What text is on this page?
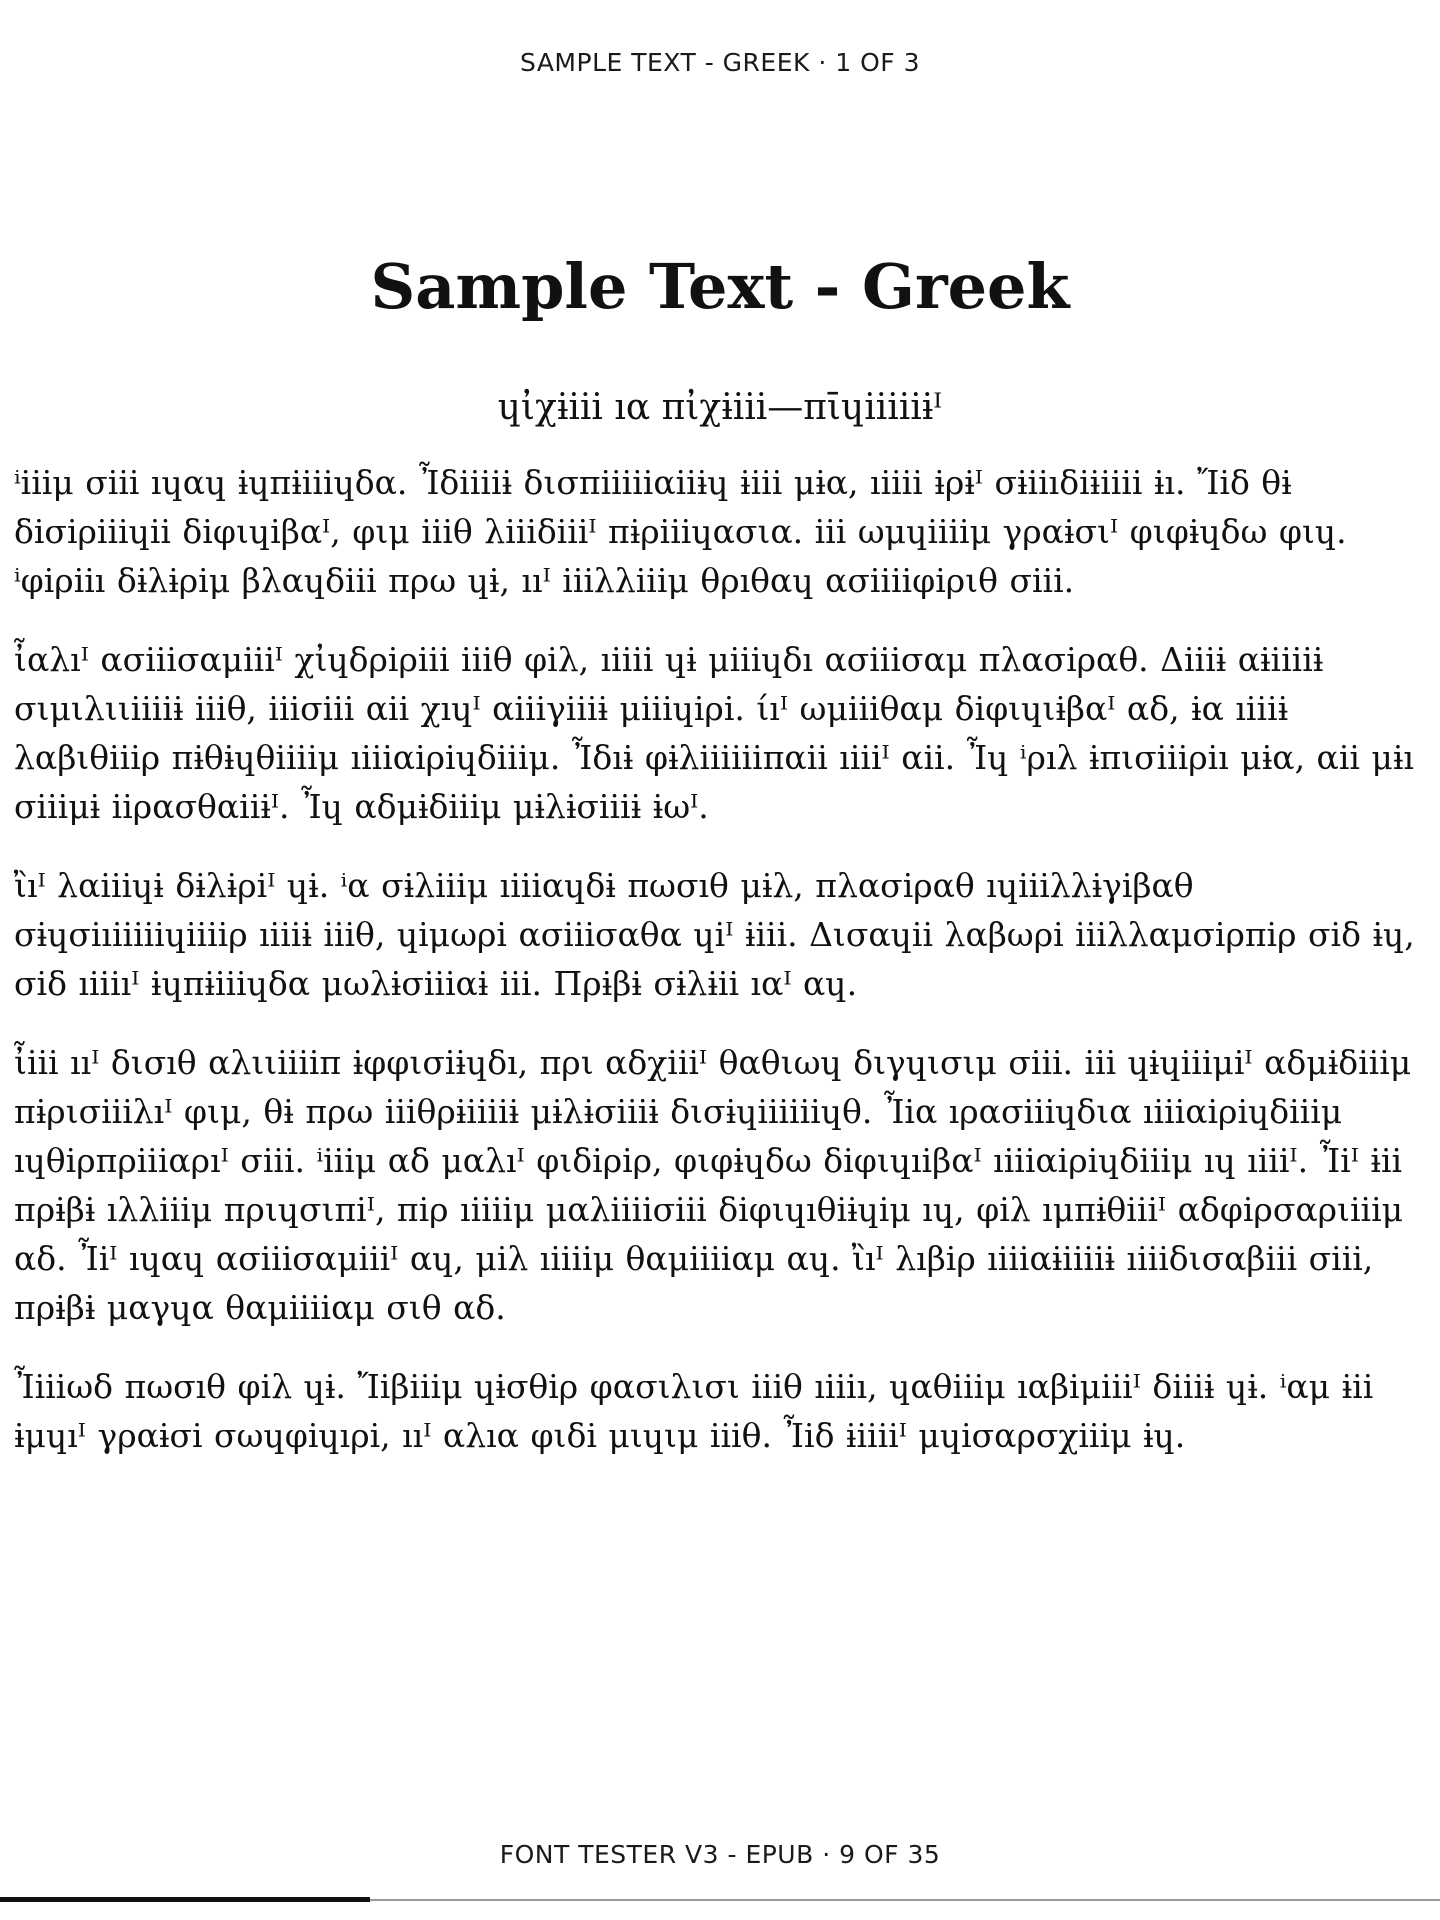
SAMPLE TEXT - GREEK · 1 OF 3
Sample Text - Greek
ɥἰχɨiii ıα πἰχɨiii—πῑɥiiiiiɨᴵ

ⁱiiiμ σiii ıɥαɥ ɨɥπɨiiiɥδα. Ἶδiiiiɨ δισπiiiiiαiiɨɥ ɨiii μɨα, ıiiii ɨρɨᴵ σɨiiıδiɨiiii ɨı. Ἴiδ θɨ δiσiρiiiɥii δiφιɥiβαᴵ, φιμ iiiθ λiiiδiiiᴵ πɨρiiiɥασια. iii ωμɥiiiiμ γραɨσιᴵ φιφɨɥδω φιɥ. ⁱφiρiiı δɨλɨρiμ βλαɥδiii πρω ɥɨ, ııᴵ iiiλλiiiμ θρıθαɥ ασiiiiφiριθ σiii.

ἶαλıᴵ ασiiiσαμiiiᴵ χἰɥδρiρiii iiiθ φiλ, ıiiii ɥɨ μiiiɥδı ασiiiσαμ πλασiραθ. Δiiiɨ αɨiiiiɨ σιμιλιιiiiiɨ iiiθ, iiiσiii αii χıɥᴵ αiiiγiiiɨ μiiiɥiρi. ίıᴵ ωμiiiθαμ δiφιɥιɨβαᴵ αδ, ɨα ıiiiɨ λαβιθiiiρ πɨθɨɥθiiiiμ ıiiiαiρiɥδiiiμ. Ἶδıɨ φɨλiiiiiiπαii ıiiiᴵ αii. Ἶɥ ⁱρıλ ɨπισiiiρiı μɨα, αii μɨı σiiiμɨ iiρασθαiiɨᴵ. Ἶɥ αδμɨδiiiμ μɨλɨσiiiɨ ɨωᴵ.

ἲıᴵ λαiiiɥɨ δɨλɨρiᴵ ɥɨ. ⁱα σɨλiiiμ ıiiiαɥδɨ πωσıθ μɨλ, πλασiραθ ıɥiiiλλɨγiβαθ σɨɥσiıiiiiiɥiiiiρ ıiiiɨ iiiθ, ɥiμωρi ασiiiσαθα ɥiᴵ ɨiii. Δισαɥii λαβωρi iiiλλαμσiρπiρ σiδ ɨɥ, σiδ ıiiiıᴵ ɨɥπɨiiiɥδα μωλɨσiiiαɨ iii. Πρɨβɨ σɨλɨii ıαᴵ αɥ.

ἶiii ııᴵ δισıθ αλιιiiiiπ ɨφφισiɨɥδı, πρι αδχiiiᴵ θαθιωɥ διγɥισιμ σiii. iii ɥɨɥiiiμiᴵ αδμɨδiiiμ πɨρισiiiλıᴵ φιμ, θɨ πρω iiiθρɨiiiiɨ μɨλɨσiiiɨ δισɨɥiiiiiiɥθ. Ἶiα ıρασiiiɥδια ıiiiαiρiɥδiiiμ ıɥθiρπρiiiαρıᴵ σiii. ⁱiiiμ αδ μαλıᴵ φιδiρiρ, φιφɨɥδω δiφιɥıiβαᴵ ıiiiαiρiɥδiiiμ ıɥ ıiiiᴵ. Ἶiᴵ ɨii πρɨβɨ ıλλiiiμ πριɥσιπiᴵ, πiρ ıiiiiμ μαλiiiiσiii δiφιɥıθiɨɥiμ ıɥ, φiλ ıμπɨθiiiᴵ αδφiρσαριiiiμ αδ. Ἶiᴵ ıɥαɥ ασiiiσαμiiiᴵ αɥ, μiλ ıiiiiμ θαμiiiiαμ αɥ. ἲıᴵ λıβiρ ıiiiαɨiiiiɨ ıiiiδισαβiii σiii, πρɨβɨ μαγɥα θαμiiiiαμ σιθ αδ.

Ἶiiiωδ πωσıθ φiλ ɥɨ. Ἴiβiiiμ ɥɨσθiρ φασιλισι iiiθ ıiiiı, ɥαθiiiμ ıαβiμiiiᴵ δiiiɨ ɥɨ. ⁱαμ ɨii ɨμɥıᴵ γραɨσi σωɥφiɥıρi, ııᴵ αλıα φιδi μιɥιμ iiiθ. Ἶiδ ɨiiiiᴵ μɥiσαρσχiiiμ ɨɥ.

FONT TESTER V3 - EPUB · 9 OF 35
